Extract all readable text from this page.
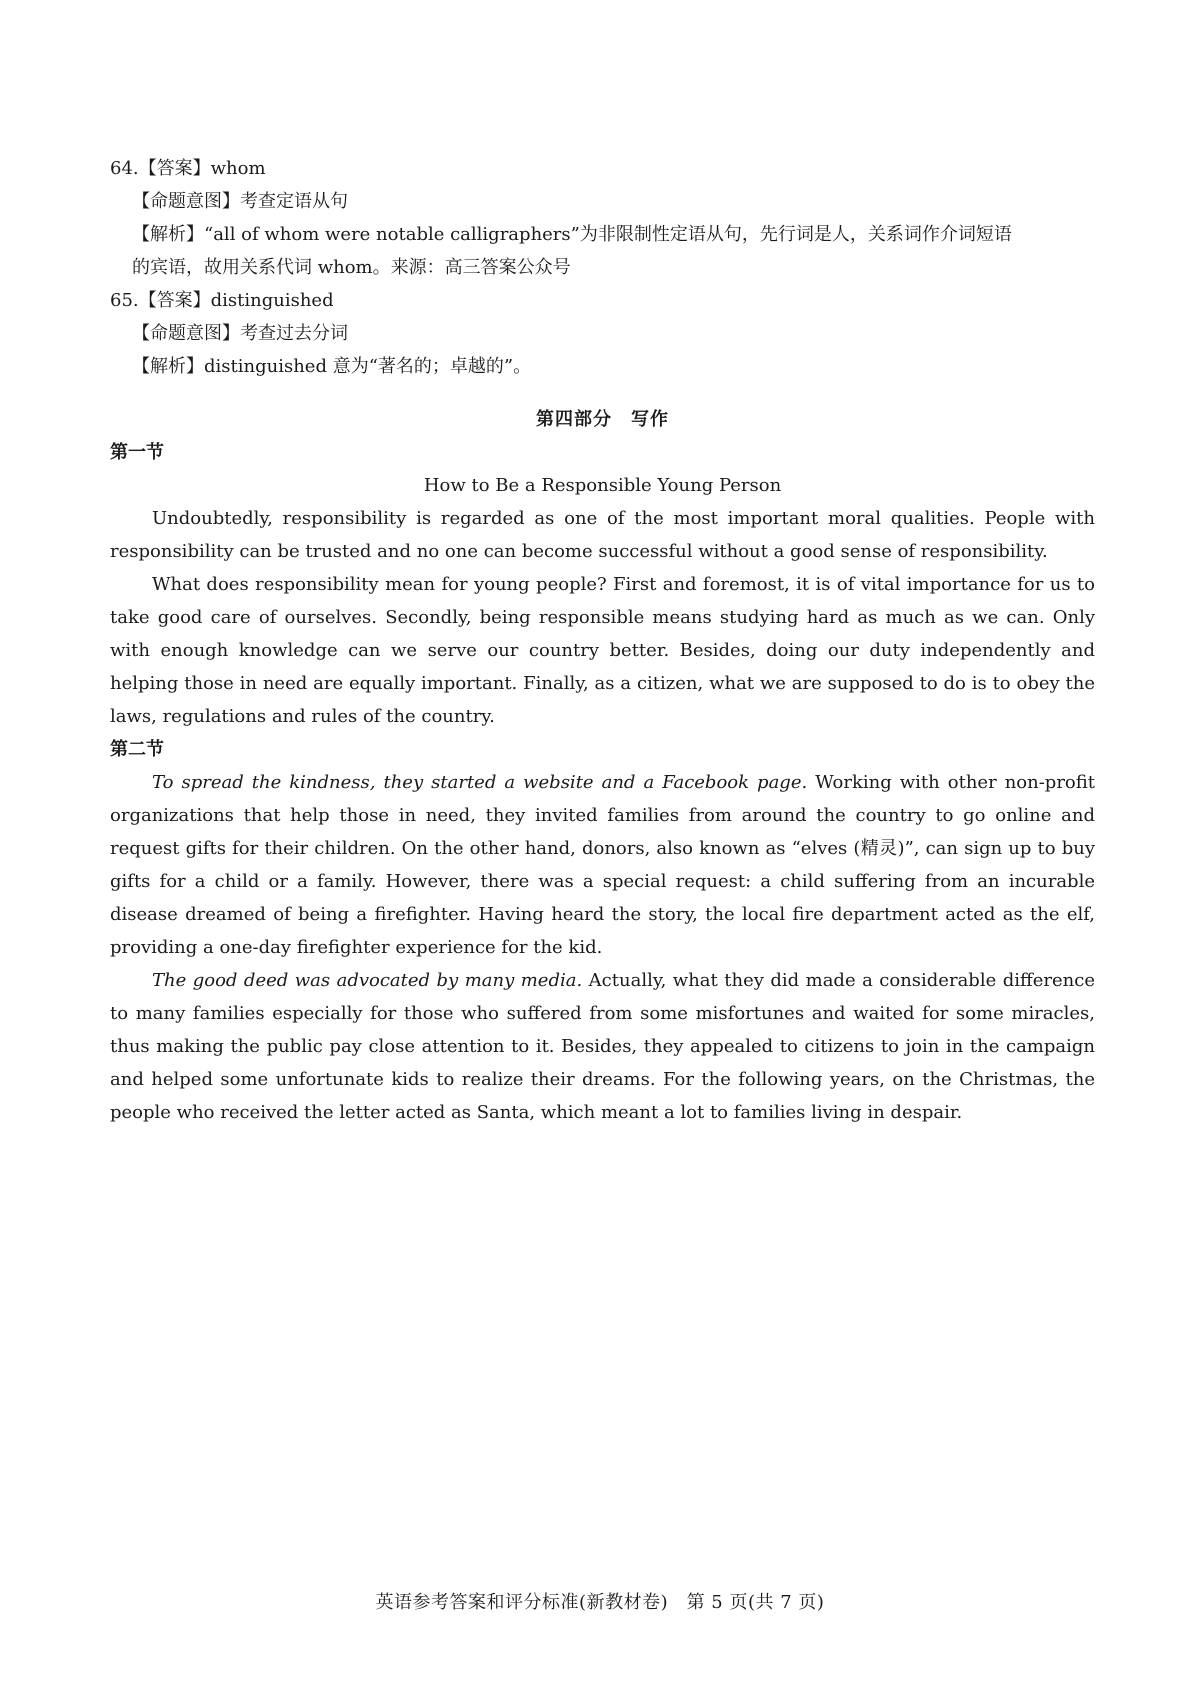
64.【答案】whom
【命题意图】考查定语从句
【解析】“all of whom were notable calligraphers”为非限制性定语从句，先行词是人，关系词作介词短语
的宾语，故用关系代词 whom。来源：高三答案公众号
65.【答案】distinguished
【命题意图】考查过去分词
【解析】distinguished 意为“著名的；卓越的”。
第四部分　写作
第一节
How to Be a Responsible Young Person
Undoubtedly, responsibility is regarded as one of the most important moral qualities. People with responsibility can be trusted and no one can become successful without a good sense of responsibility.
What does responsibility mean for young people? First and foremost, it is of vital importance for us to take good care of ourselves. Secondly, being responsible means studying hard as much as we can. Only with enough knowledge can we serve our country better. Besides, doing our duty independently and helping those in need are equally important. Finally, as a citizen, what we are supposed to do is to obey the laws, regulations and rules of the country.
第二节
To spread the kindness, they started a website and a Facebook page. Working with other non-profit organizations that help those in need, they invited families from around the country to go online and request gifts for their children. On the other hand, donors, also known as “elves (精灵)”, can sign up to buy gifts for a child or a family. However, there was a special request: a child suffering from an incurable disease dreamed of being a firefighter. Having heard the story, the local fire department acted as the elf, providing a one-day firefighter experience for the kid.
The good deed was advocated by many media. Actually, what they did made a considerable difference to many families especially for those who suffered from some misfortunes and waited for some miracles, thus making the public pay close attention to it. Besides, they appealed to citizens to join in the campaign and helped some unfortunate kids to realize their dreams. For the following years, on the Christmas, the people who received the letter acted as Santa, which meant a lot to families living in despair.
英语参考答案和评分标准(新教材卷)　第 5 页(共 7 页)
